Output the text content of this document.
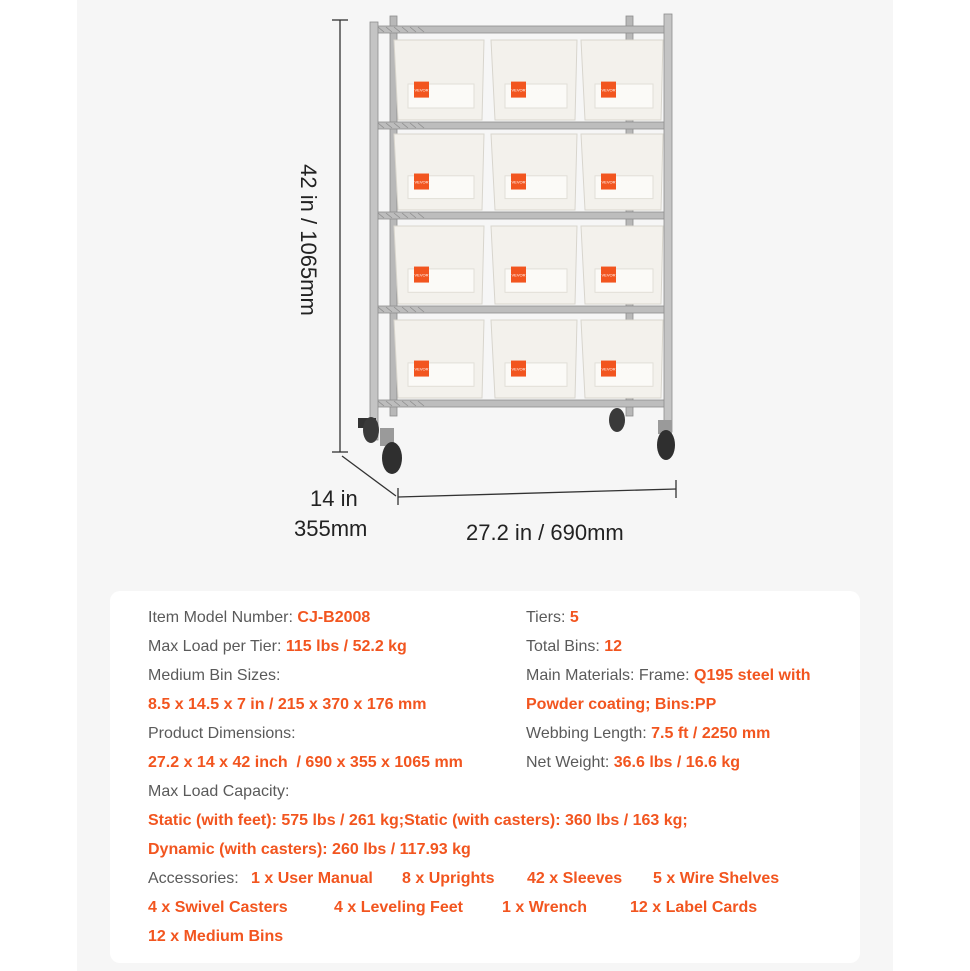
VEVOR	VEVOR	VEVOR
VEVOR	VEVOR	VEVOR
VEVOR	VEVOR	VEVOR
VEVOR	VEVOR	VEVOR
42 in / 1065mm
14 in
355mm	27.2 in / 690mm
Item Model Number: CJ-B2008
Max Load per Tier: 115 lbs / 52.2 kg
Medium Bin Sizes:
8.5 x 14.5 x 7 in / 215 x 370 x 176 mm
Product Dimensions:
27.2 x 14 x 42 inch  / 690 x 355 x 1065 mm
Max Load Capacity:
Static (with feet): 575 lbs / 261 kg;Static (with casters): 360 lbs / 163 kg;
Dynamic (with casters): 260 lbs / 117.93 kg
Tiers: 5
Total Bins: 12
Main Materials: Frame: Q195 steel with
Powder coating; Bins:PP
Webbing Length: 7.5 ft / 2250 mm
Net Weight: 36.6 lbs / 16.6 kg
Accessories: 1 x User Manual 8 x Uprights 42 x Sleeves 5 x Wire Shelves
4 x Swivel Casters	4 x Leveling Feet 1 x Wrench	12 x Label Cards
12 x Medium Bins
